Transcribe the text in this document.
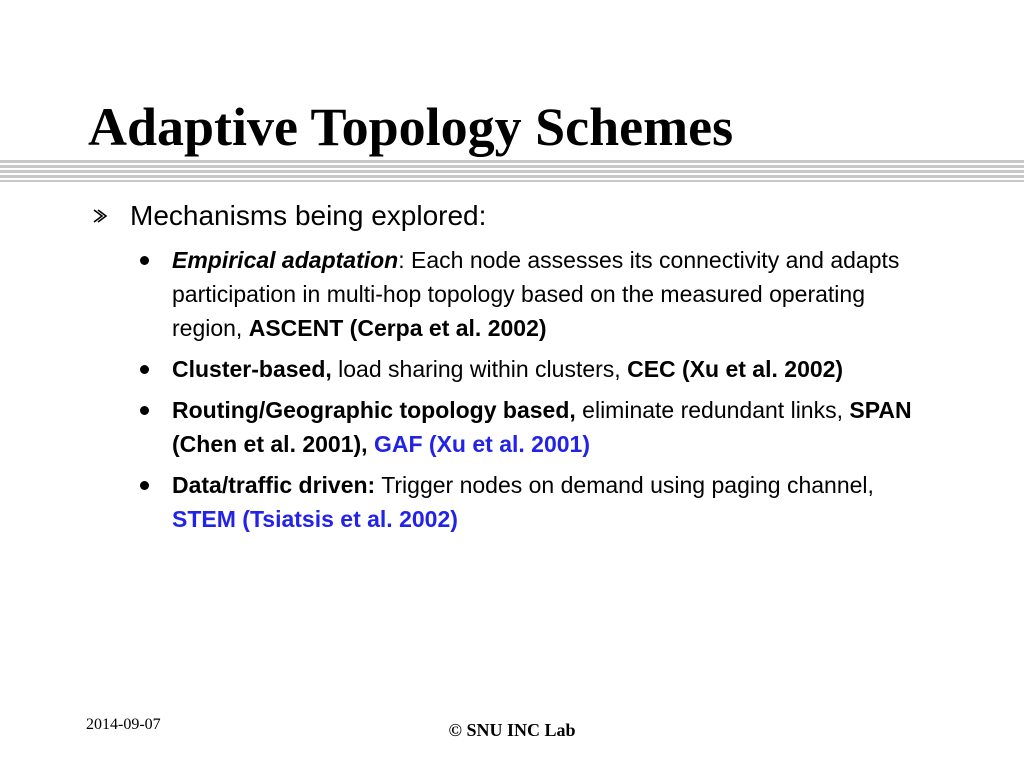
Adaptive Topology Schemes
Mechanisms being explored:
Empirical adaptation: Each node assesses its connectivity and adapts participation in multi-hop topology based on the measured operating region, ASCENT (Cerpa et al. 2002)
Cluster-based, load sharing within clusters, CEC (Xu et al. 2002)
Routing/Geographic topology based, eliminate redundant links, SPAN (Chen et al. 2001), GAF (Xu et al. 2001)
Data/traffic driven: Trigger nodes on demand using paging channel, STEM (Tsiatsis et al. 2002)
2014-09-07	© SNU INC Lab
